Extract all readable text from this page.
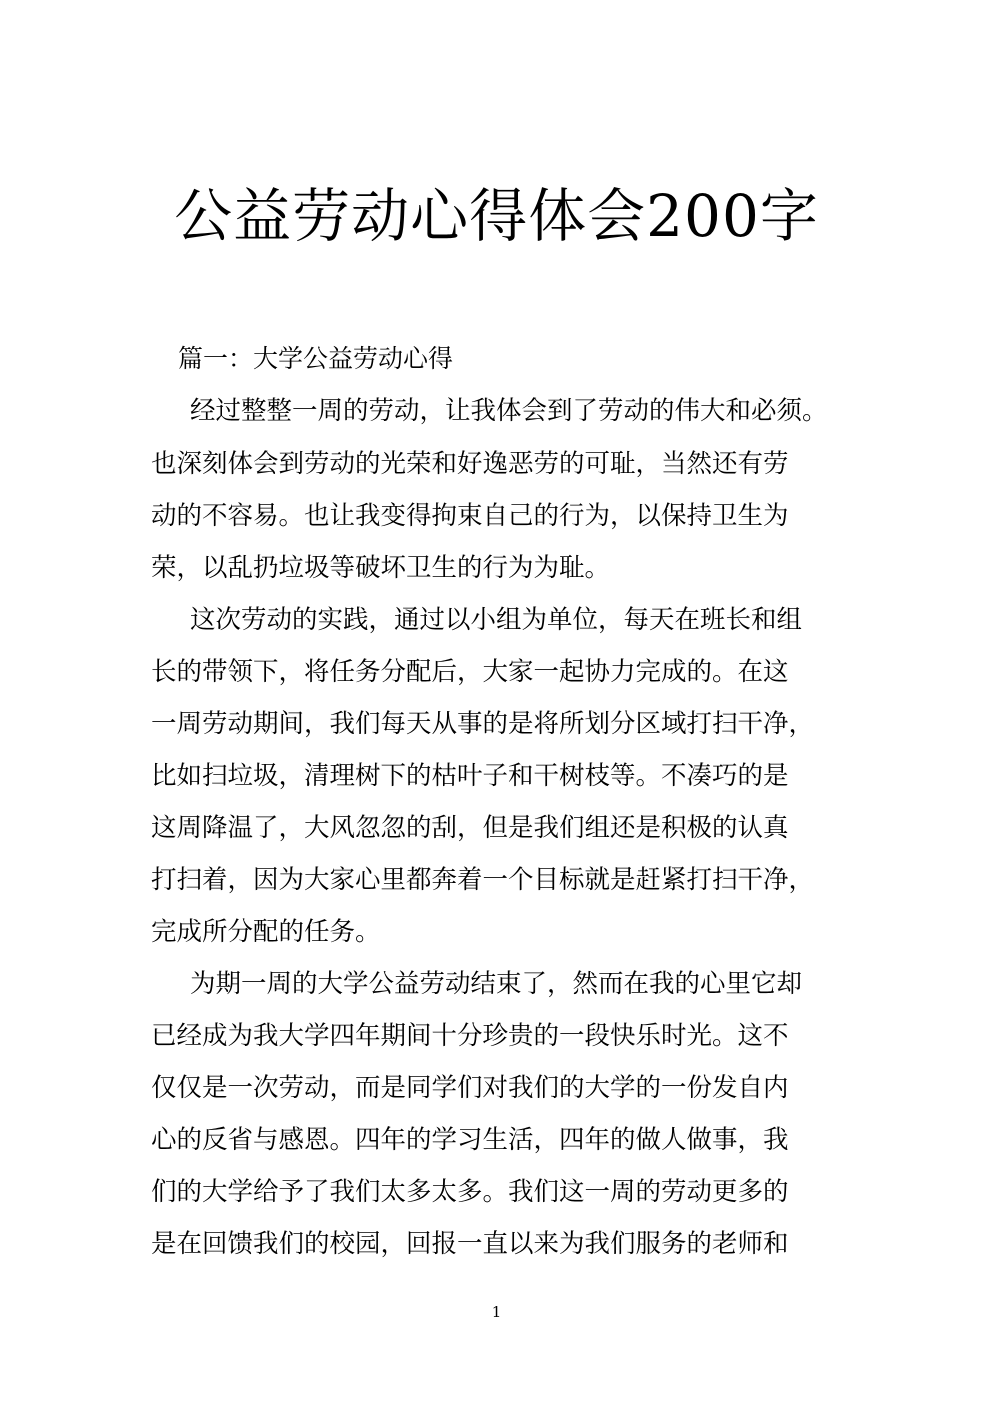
公益劳动心得体会200字
篇一：大学公益劳动心得
经过整整一周的劳动，让我体会到了劳动的伟大和必须。
也深刻体会到劳动的光荣和好逸恶劳的可耻，当然还有劳
动的不容易。也让我变得拘束自己的行为，以保持卫生为
荣，以乱扔垃圾等破坏卫生的行为为耻。
这次劳动的实践，通过以小组为单位，每天在班长和组
长的带领下，将任务分配后，大家一起协力完成的。在这
一周劳动期间，我们每天从事的是将所划分区域打扫干净，
比如扫垃圾，清理树下的枯叶子和干树枝等。不凑巧的是
这周降温了，大风忽忽的刮，但是我们组还是积极的认真
打扫着，因为大家心里都奔着一个目标就是赶紧打扫干净，
完成所分配的任务。
为期一周的大学公益劳动结束了，然而在我的心里它却
已经成为我大学四年期间十分珍贵的一段快乐时光。这不
仅仅是一次劳动，而是同学们对我们的大学的一份发自内
心的反省与感恩。四年的学习生活，四年的做人做事，我
们的大学给予了我们太多太多。我们这一周的劳动更多的
是在回馈我们的校园，回报一直以来为我们服务的老师和
1
